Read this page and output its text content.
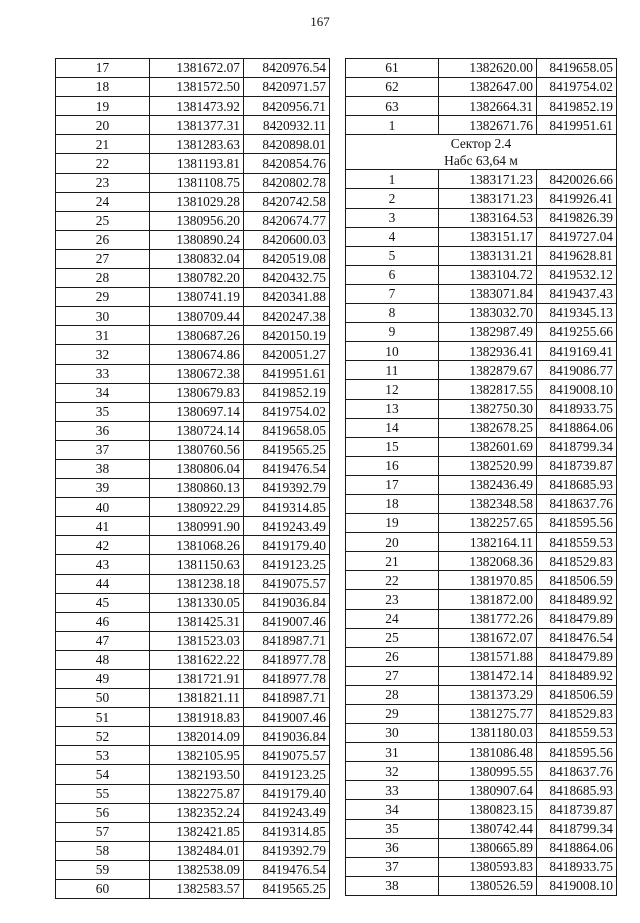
167
17	1381672.07	8420976.54
18	1381572.50	8420971.57
19	1381473.92	8420956.71
20	1381377.31	8420932.11
21	1381283.63	8420898.01
22	1381193.81	8420854.76
23	1381108.75	8420802.78
24	1381029.28	8420742.58
25	1380956.20	8420674.77
26	1380890.24	8420600.03
27	1380832.04	8420519.08
28	1380782.20	8420432.75
29	1380741.19	8420341.88
30	1380709.44	8420247.38
31	1380687.26	8420150.19
32	1380674.86	8420051.27
33	1380672.38	8419951.61
34	1380679.83	8419852.19
35	1380697.14	8419754.02
36	1380724.14	8419658.05
37	1380760.56	8419565.25
38	1380806.04	8419476.54
39	1380860.13	8419392.79
40	1380922.29	8419314.85
41	1380991.90	8419243.49
42	1381068.26	8419179.40
43	1381150.63	8419123.25
44	1381238.18	8419075.57
45	1381330.05	8419036.84
46	1381425.31	8419007.46
47	1381523.03	8418987.71
48	1381622.22	8418977.78
49	1381721.91	8418977.78
50	1381821.11	8418987.71
51	1381918.83	8419007.46
52	1382014.09	8419036.84
53	1382105.95	8419075.57
54	1382193.50	8419123.25
55	1382275.87	8419179.40
56	1382352.24	8419243.49
57	1382421.85	8419314.85
58	1382484.01	8419392.79
59	1382538.09	8419476.54
60	1382583.57	8419565.25
61	1382620.00	8419658.05
62	1382647.00	8419754.02
63	1382664.31	8419852.19
1	1382671.76	8419951.61

Сектор 2.4
Набс 63,64 м		

1	1383171.23	8420026.66
2	1383171.23	8419926.41
3	1383164.53	8419826.39
4	1383151.17	8419727.04
5	1383131.21	8419628.81
6	1383104.72	8419532.12
7	1383071.84	8419437.43
8	1383032.70	8419345.13
9	1382987.49	8419255.66
10	1382936.41	8419169.41
11	1382879.67	8419086.77
12	1382817.55	8419008.10
13	1382750.30	8418933.75
14	1382678.25	8418864.06
15	1382601.69	8418799.34
16	1382520.99	8418739.87
17	1382436.49	8418685.93
18	1382348.58	8418637.76
19	1382257.65	8418595.56
20	1382164.11	8418559.53
21	1382068.36	8418529.83
22	1381970.85	8418506.59
23	1381872.00	8418489.92
24	1381772.26	8418479.89
25	1381672.07	8418476.54
26	1381571.88	8418479.89
27	1381472.14	8418489.92
28	1381373.29	8418506.59
29	1381275.77	8418529.83
30	1381180.03	8418559.53
31	1381086.48	8418595.56
32	1380995.55	8418637.76
33	1380907.64	8418685.93
34	1380823.15	8418739.87
35	1380742.44	8418799.34
36	1380665.89	8418864.06
37	1380593.83	8418933.75
38	1380526.59	8419008.10
